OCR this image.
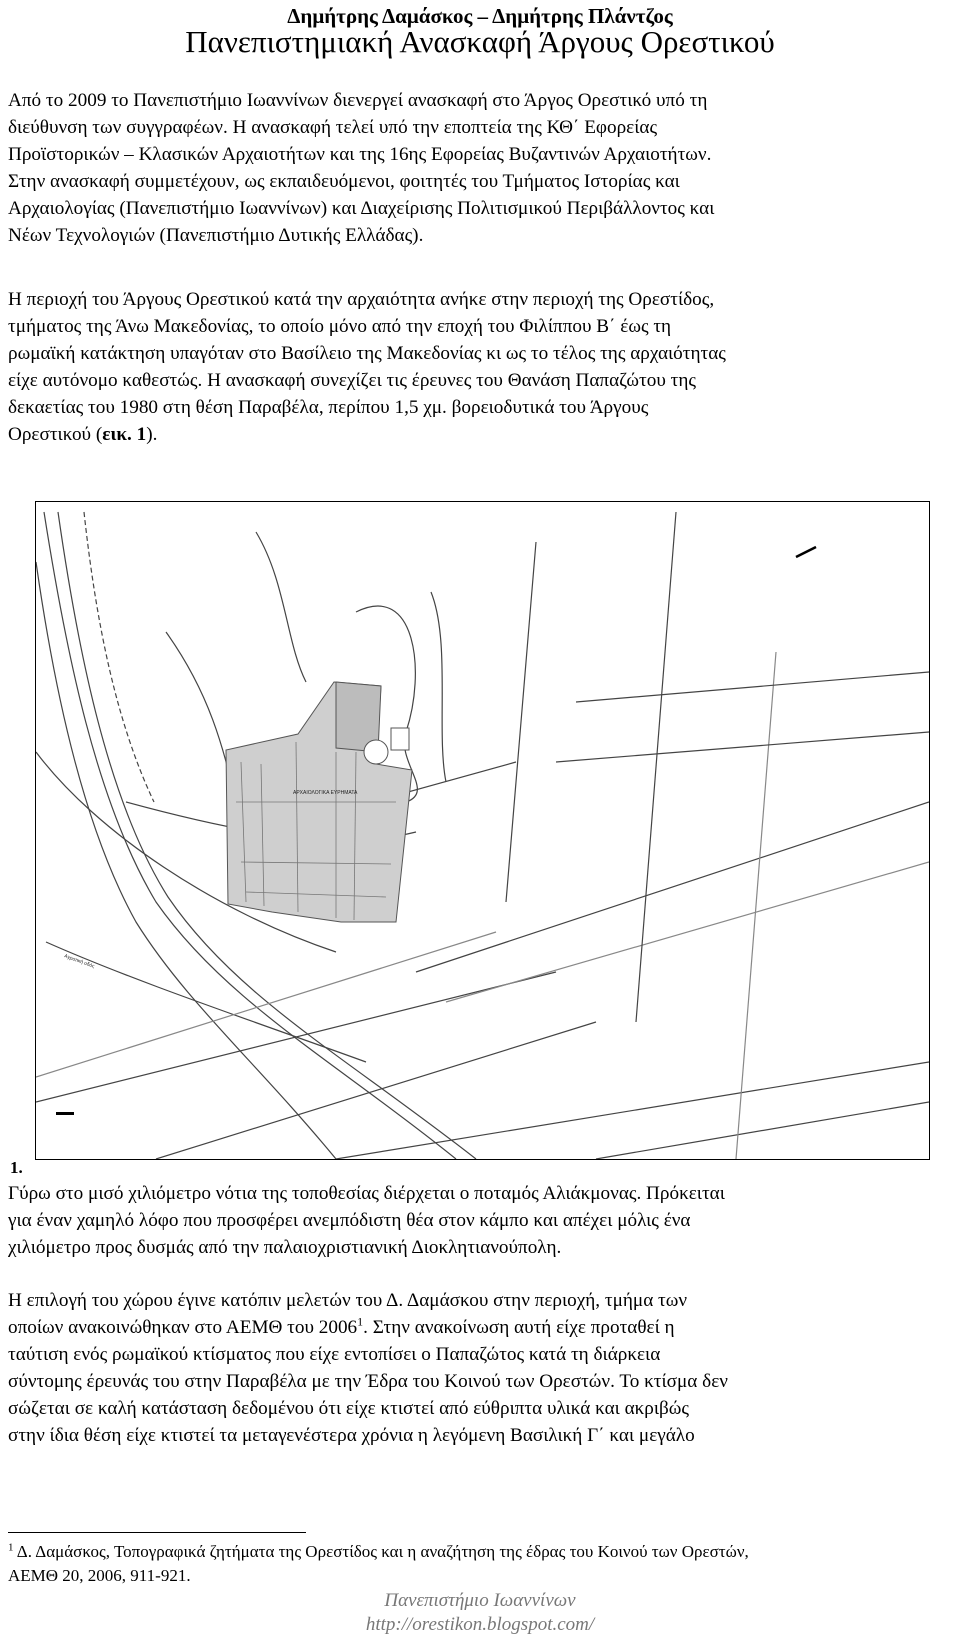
Δημήτρης Δαμάσκος – Δημήτρης Πλάντζος
Πανεπιστημιακή Ανασκαφή Άργους Ορεστικού
Από το 2009 το Πανεπιστήμιο Ιωαννίνων διενεργεί ανασκαφή στο Άργος Ορεστικό υπό τη
διεύθυνση των συγγραφέων. Η ανασκαφή τελεί υπό την εποπτεία της ΚΘ΄ Εφορείας
Προϊστορικών – Κλασικών Αρχαιοτήτων και της 16ης Εφορείας Βυζαντινών Αρχαιοτήτων.
Στην ανασκαφή συμμετέχουν, ως εκπαιδευόμενοι, φοιτητές του Τμήματος Ιστορίας και
Αρχαιολογίας (Πανεπιστήμιο Ιωαννίνων) και Διαχείρισης Πολιτισμικού Περιβάλλοντος και
Νέων Τεχνολογιών (Πανεπιστήμιο Δυτικής Ελλάδας).
Η περιοχή του Άργους Ορεστικού κατά την αρχαιότητα ανήκε στην περιοχή της Ορεστίδος,
τμήματος της Άνω Μακεδονίας, το οποίο μόνο από την εποχή του Φιλίππου Β΄ έως τη
ρωμαϊκή κατάκτηση υπαγόταν στο Βασίλειο της Μακεδονίας κι ως το τέλος της αρχαιότητας
είχε αυτόνομο καθεστώς. Η ανασκαφή συνεχίζει τις έρευνες του Θανάση Παπαζώτου της
δεκαετίας του 1980 στη θέση Παραβέλα, περίπου 1,5 χμ. βορειοδυτικά του Άργους
Ορεστικού (εικ. 1).
ΑΡΧΑΙΟΛΟΓΙΚΑ ΕΥΡΗΜΑΤΑ
Αγροτική οδός
1.
Γύρω στο μισό χιλιόμετρο νότια της τοποθεσίας διέρχεται ο ποταμός Αλιάκμονας. Πρόκειται
για έναν χαμηλό λόφο που προσφέρει ανεμπόδιστη θέα στον κάμπο και απέχει μόλις ένα
χιλιόμετρο προς δυσμάς από την παλαιοχριστιανική Διοκλητιανούπολη.
Η επιλογή του χώρου έγινε κατόπιν μελετών του Δ. Δαμάσκου στην περιοχή, τμήμα των
οποίων ανακοινώθηκαν στο ΑΕΜΘ του 2006$^1$. Στην ανακοίνωση αυτή είχε προταθεί η
ταύτιση ενός ρωμαϊκού κτίσματος που είχε εντοπίσει ο Παπαζώτος κατά τη διάρκεια
σύντομης έρευνάς του στην Παραβέλα με την Έδρα του Κοινού των Ορεστών. Το κτίσμα δεν
σώζεται σε καλή κατάσταση δεδομένου ότι είχε κτιστεί από εύθριπτα υλικά και ακριβώς
στην ίδια θέση είχε κτιστεί τα μεταγενέστερα χρόνια η λεγόμενη Βασιλική Γ΄ και μεγάλο

$^1$ Δ. Δαμάσκος, Τοπογραφικά ζητήματα της Ορεστίδος και η αναζήτηση της έδρας του Κοινού των Ορεστών,
ΑΕΜΘ 20, 2006, 911-921.

Πανεπιστήμιο Ιωαννίνων
http://orestikon.blogspot.com/
